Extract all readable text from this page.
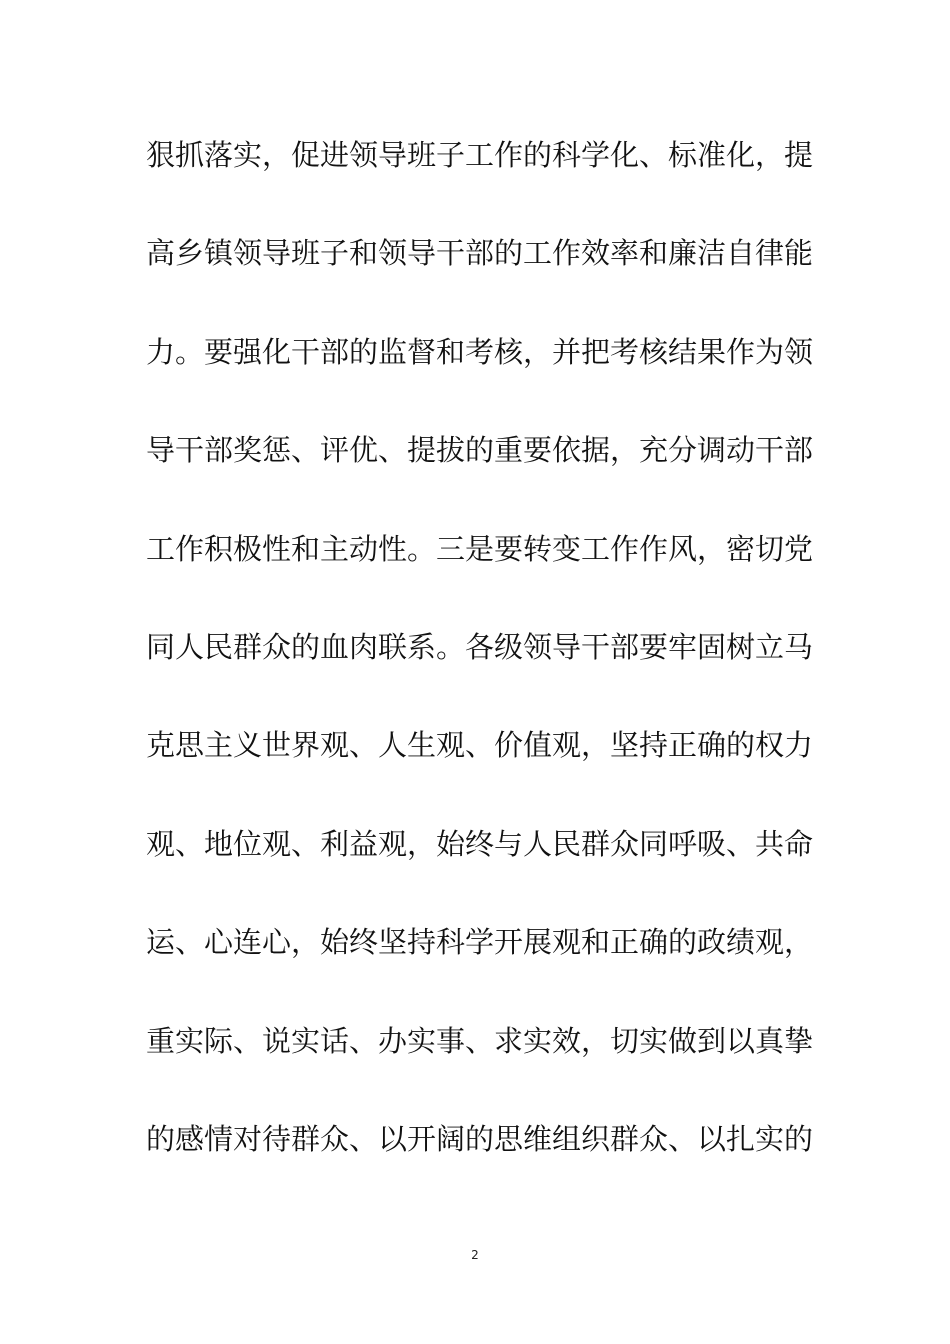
狠抓落实，促进领导班子工作的科学化、标准化，提
高乡镇领导班子和领导干部的工作效率和廉洁自律能
力。要强化干部的监督和考核，并把考核结果作为领
导干部奖惩、评优、提拔的重要依据，充分调动干部
工作积极性和主动性。三是要转变工作作风，密切党
同人民群众的血肉联系。各级领导干部要牢固树立马
克思主义世界观、人生观、价值观，坚持正确的权力
观、地位观、利益观，始终与人民群众同呼吸、共命
运、心连心，始终坚持科学开展观和正确的政绩观，
重实际、说实话、办实事、求实效，切实做到以真挚
的感情对待群众、以开阔的思维组织群众、以扎实的
2
